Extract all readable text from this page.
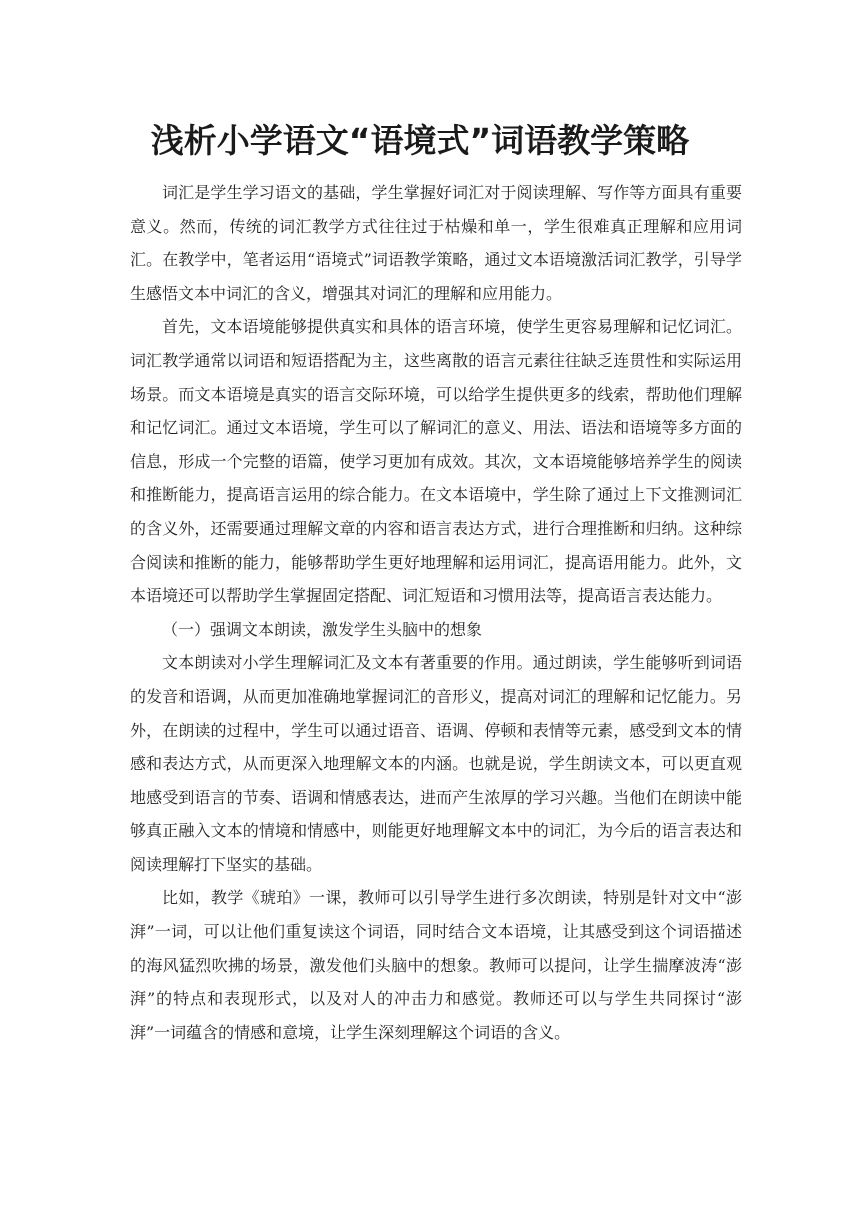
浅析小学语文“语境式”词语教学策略

词汇是学生学习语文的基础，学生掌握好词汇对于阅读理解、写作等方面具有重要意义。然而，传统的词汇教学方式往往过于枯燥和单一，学生很难真正理解和应用词汇。在教学中，笔者运用“语境式”词语教学策略，通过文本语境激活词汇教学，引导学生感悟文本中词汇的含义，增强其对词汇的理解和应用能力。

首先，文本语境能够提供真实和具体的语言环境，使学生更容易理解和记忆词汇。词汇教学通常以词语和短语搭配为主，这些离散的语言元素往往缺乏连贯性和实际运用场景。而文本语境是真实的语言交际环境，可以给学生提供更多的线索，帮助他们理解和记忆词汇。通过文本语境，学生可以了解词汇的意义、用法、语法和语境等多方面的信息，形成一个完整的语篇，使学习更加有成效。其次，文本语境能够培养学生的阅读和推断能力，提高语言运用的综合能力。在文本语境中，学生除了通过上下文推测词汇的含义外，还需要通过理解文章的内容和语言表达方式，进行合理推断和归纳。这种综合阅读和推断的能力，能够帮助学生更好地理解和运用词汇，提高语用能力。此外，文本语境还可以帮助学生掌握固定搭配、词汇短语和习惯用法等，提高语言表达能力。

（一）强调文本朗读，激发学生头脑中的想象

文本朗读对小学生理解词汇及文本有著重要的作用。通过朗读，学生能够听到词语的发音和语调，从而更加准确地掌握词汇的音形义，提高对词汇的理解和记忆能力。另外，在朗读的过程中，学生可以通过语音、语调、停顿和表情等元素，感受到文本的情感和表达方式，从而更深入地理解文本的内涵。也就是说，学生朗读文本，可以更直观地感受到语言的节奏、语调和情感表达，进而产生浓厚的学习兴趣。当他们在朗读中能够真正融入文本的情境和情感中，则能更好地理解文本中的词汇，为今后的语言表达和阅读理解打下坚实的基础。

比如，教学《琥珀》一课，教师可以引导学生进行多次朗读，特别是针对文中“澎湃”一词，可以让他们重复读这个词语，同时结合文本语境，让其感受到这个词语描述的海风猛烈吹拂的场景，激发他们头脑中的想象。教师可以提问，让学生揣摩波涛“澎湃”的特点和表现形式，以及对人的冲击力和感觉。教师还可以与学生共同探讨“澎湃”一词蕴含的情感和意境，让学生深刻理解这个词语的含义。
